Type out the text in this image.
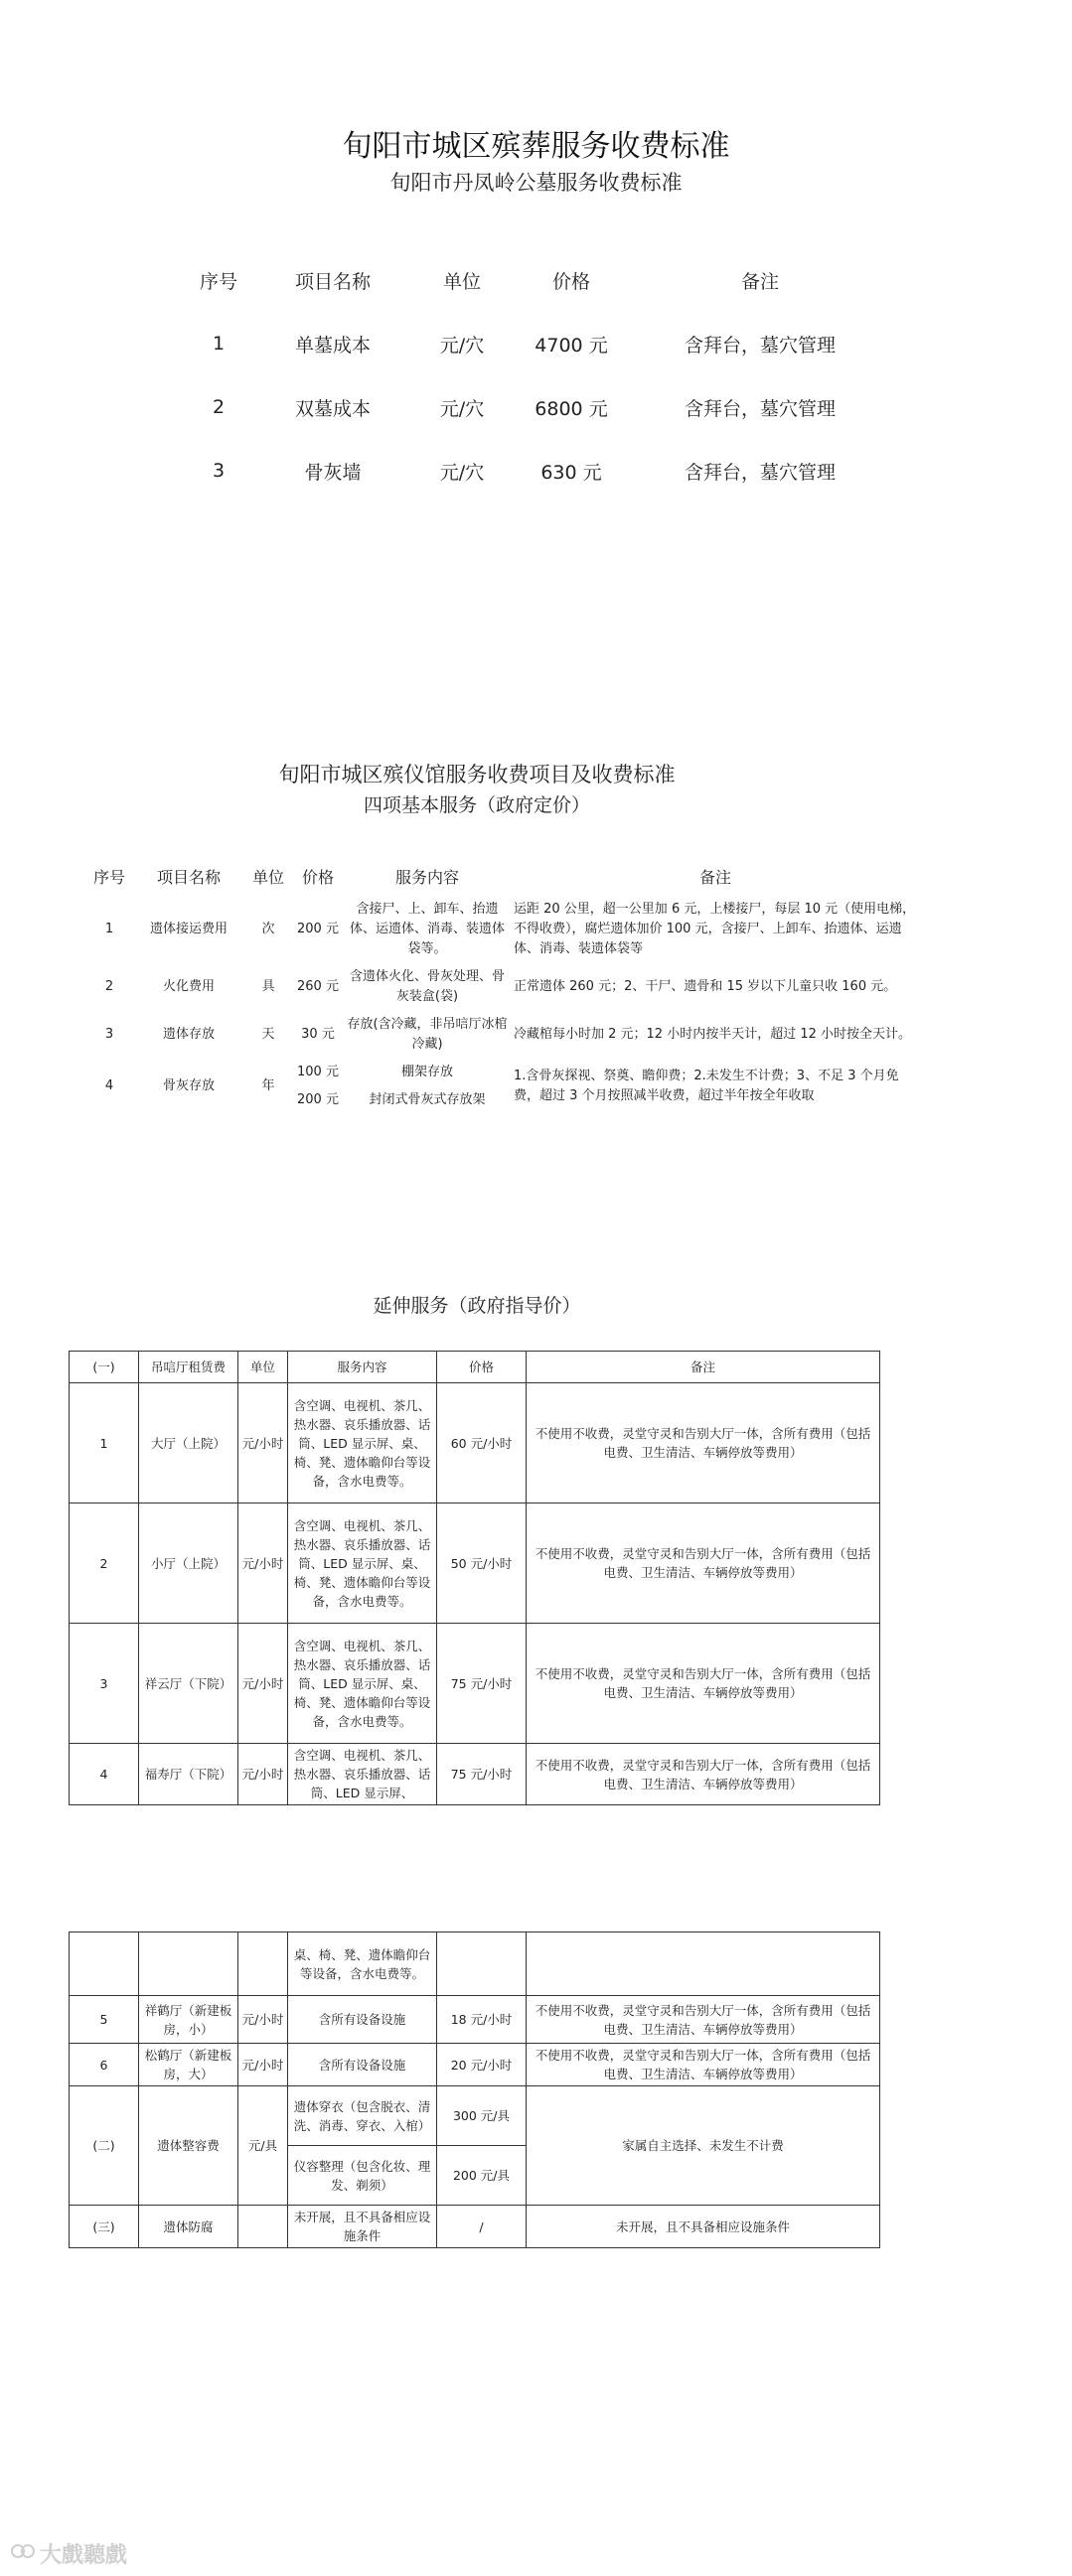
旬阳市城区殡葬服务收费标准
旬阳市丹凤岭公墓服务收费标准
序号	项目名称	单位	价格	备注
1	单墓成本	元/穴	4700 元	含拜台，墓穴管理
2	双墓成本	元/穴	6800 元	含拜台，墓穴管理
3	骨灰墙	元/穴	630 元	含拜台，墓穴管理
旬阳市城区殡仪馆服务收费项目及收费标准
四项基本服务（政府定价）
序号	项目名称	单位	价格	服务内容	备注
1	遗体接运费用	次	200 元	含接尸、上、卸车、抬遗体、运遗体、消毒、装遗体袋等。	运距 20 公里，超一公里加 6 元，上楼接尸，每层 10 元（使用电梯，不得收费），腐烂遗体加价 100 元，含接尸、上卸车、抬遗体、运遗体、消毒、装遗体袋等
2	火化费用	具	260 元	含遗体火化、骨灰处理、骨灰装盒(袋)	正常遗体 260 元；2、干尸、遗骨和 15 岁以下儿童只收 160 元。
3	遗体存放	天	30 元	存放(含冷藏，非吊唁厅冰棺冷藏)	冷藏棺每小时加 2 元；12 小时内按半天计，超过 12 小时按全天计。
4	骨灰存放	年	100 元	棚架存放	1.含骨灰探视、祭奠、瞻仰费；2.未发生不计费；3、不足 3 个月免费，超过 3 个月按照减半收费，超过半年按全年收取
			200 元	封闭式骨灰式存放架	
延伸服务（政府指导价）
(一)	吊唁厅租赁费	单位	服务内容	价格	备注
1	大厅（上院）	元/小时	含空调、电视机、茶几、热水器、哀乐播放器、话筒、LED 显示屏、桌、椅、凳、遗体瞻仰台等设备，含水电费等。	60 元/小时	不使用不收费，灵堂守灵和告别大厅一体，含所有费用（包括电费、卫生清洁、车辆停放等费用）
2	小厅（上院）	元/小时	含空调、电视机、茶几、热水器、哀乐播放器、话筒、LED 显示屏、桌、椅、凳、遗体瞻仰台等设备，含水电费等。	50 元/小时	不使用不收费，灵堂守灵和告别大厅一体，含所有费用（包括电费、卫生清洁、车辆停放等费用）
3	祥云厅（下院）	元/小时	含空调、电视机、茶几、热水器、哀乐播放器、话筒、LED 显示屏、桌、椅、凳、遗体瞻仰台等设备，含水电费等。	75 元/小时	不使用不收费，灵堂守灵和告别大厅一体，含所有费用（包括电费、卫生清洁、车辆停放等费用）
4	福寿厅（下院）	元/小时	含空调、电视机、茶几、热水器、哀乐播放器、话筒、LED 显示屏、	75 元/小时	不使用不收费，灵堂守灵和告别大厅一体，含所有费用（包括电费、卫生清洁、车辆停放等费用）
			桌、椅、凳、遗体瞻仰台等设备，含水电费等。		
5	祥鹤厅（新建板房，小）	元/小时	含所有设备设施	18 元/小时	不使用不收费，灵堂守灵和告别大厅一体，含所有费用（包括电费、卫生清洁、车辆停放等费用）
6	松鹤厅（新建板房，大）	元/小时	含所有设备设施	20 元/小时	不使用不收费，灵堂守灵和告别大厅一体，含所有费用（包括电费、卫生清洁、车辆停放等费用）
(二)	遗体整容费	元/具	遗体穿衣（包含脱衣、清洗、消毒、穿衣、入棺）	300 元/具	家属自主选择、未发生不计费
			仪容整理（包含化妆、理发、剃须）	200 元/具	
(三)	遗体防腐		未开展，且不具备相应设施条件	/	未开展，且不具备相应设施条件
大戲聽戲
